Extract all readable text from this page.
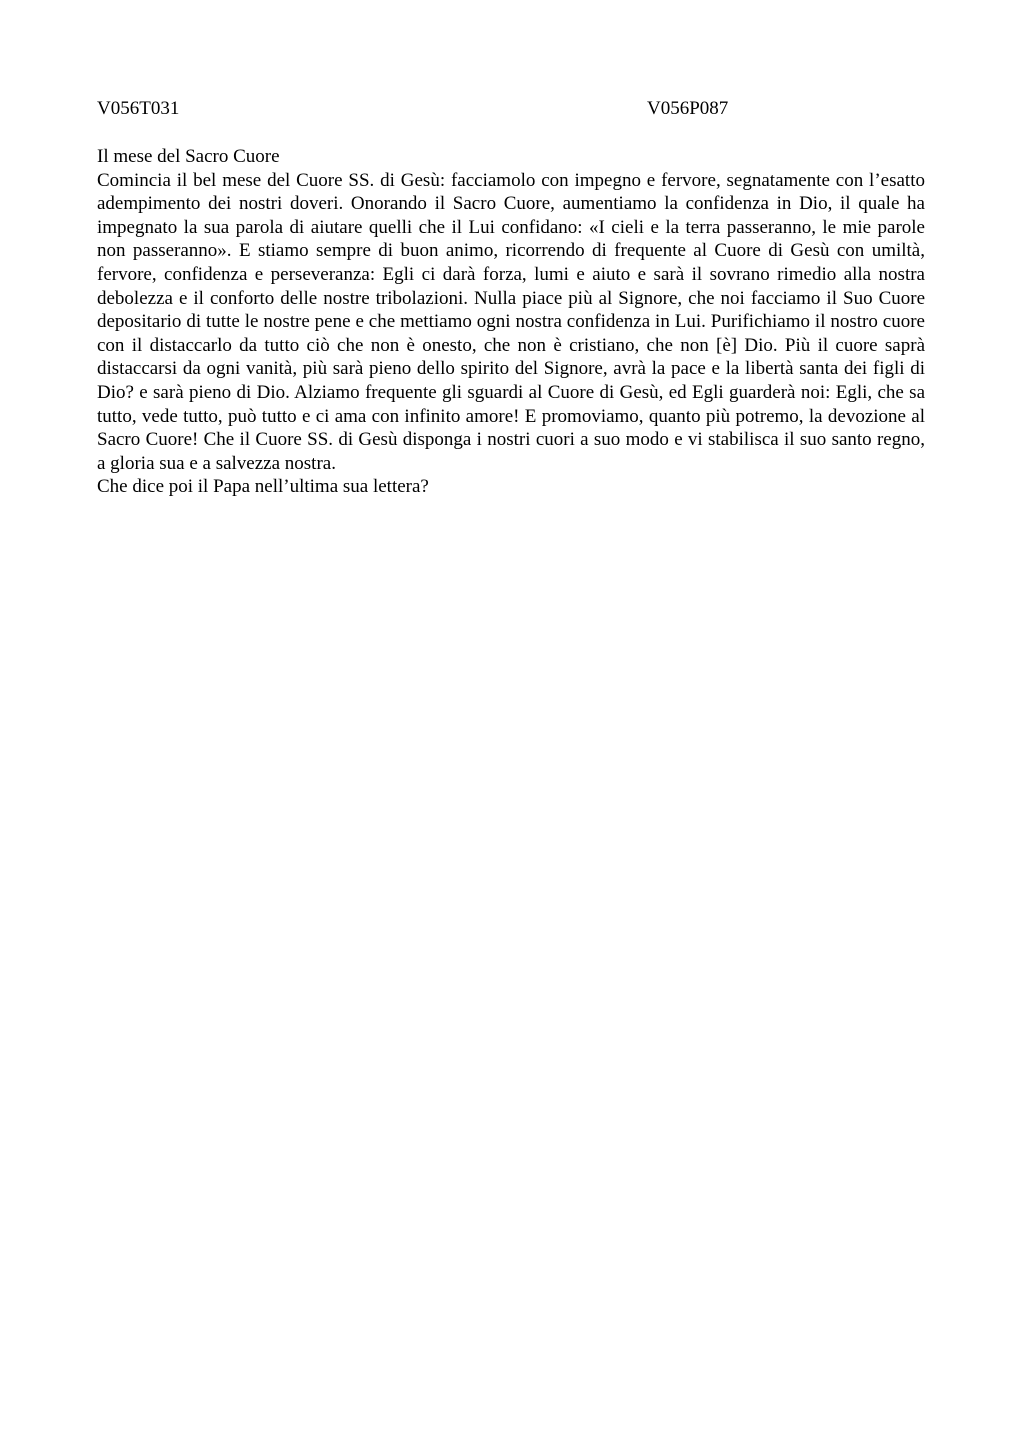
V056T031	V056P087
Il mese del Sacro Cuore

Comincia il bel mese del Cuore SS. di Gesù: facciamolo con impegno e fervore, segnatamente con l’esatto adempimento dei nostri doveri. Onorando il Sacro Cuore, aumentiamo la confidenza in Dio, il quale ha impegnato la sua parola di aiutare quelli che il Lui confidano: «I cieli e la terra passeranno, le mie parole non passeranno». E stiamo sempre di buon animo, ricorrendo di frequente al Cuore di Gesù con umiltà, fervore, confidenza e perseveranza: Egli ci darà forza, lumi e aiuto e sarà il sovrano rimedio alla nostra debolezza e il conforto delle nostre tribolazioni. Nulla piace più al Signore, che noi facciamo il Suo Cuore depositario di tutte le nostre pene e che mettiamo ogni nostra confidenza in Lui. Purifichiamo il nostro cuore con il distaccarlo da tutto ciò che non è onesto, che non è cristiano, che non [è] Dio. Più il cuore saprà distaccarsi da ogni vanità, più sarà pieno dello spirito del Signore, avrà la pace e la libertà santa dei figli di Dio? e sarà pieno di Dio. Alziamo frequente gli sguardi al Cuore di Gesù, ed Egli guarderà noi: Egli, che sa tutto, vede tutto, può tutto e ci ama con infinito amore! E promoviamo, quanto più potremo, la devozione al Sacro Cuore! Che il Cuore SS. di Gesù disponga i nostri cuori a suo modo e vi stabilisca il suo santo regno, a gloria sua e a salvezza nostra.

Che dice poi il Papa nell’ultima sua lettera?
